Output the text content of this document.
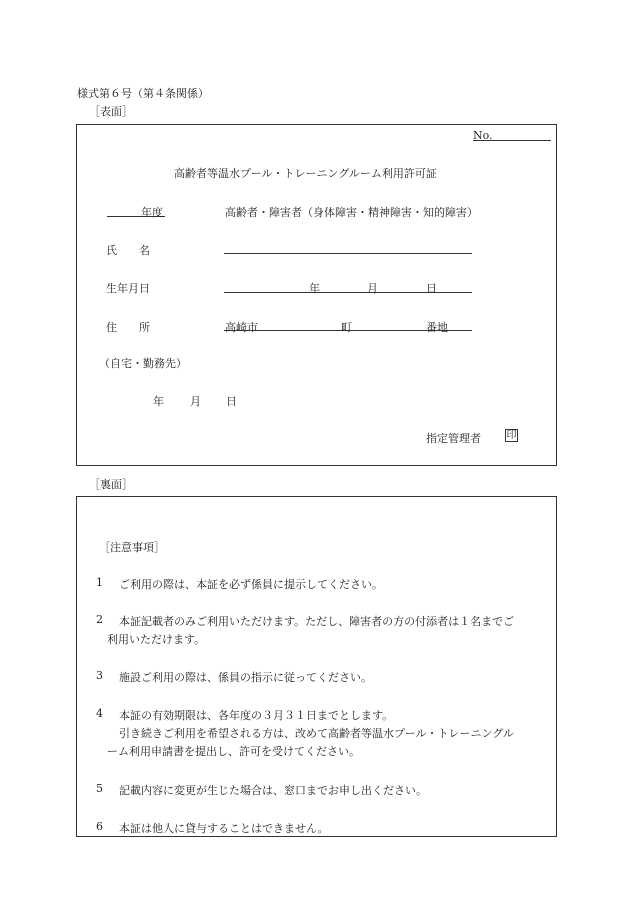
様式第６号（第４条関係）
［表面］
No.
高齢者等温水プール・トレーニングルーム利用許可証
年度	高齢者・障害者（身体障害・精神障害・知的障害）
氏　　名
生年月日	年	月	日
住　　所	高崎市	町	番地
（自宅・勤務先）
年 月 日
指定管理者	印
［裏面］
［注意事項］
1 ご利用の際は、本証を必ず係員に提示してください。
2 本証記載者のみご利用いただけます。ただし、障害者の方の付添者は１名までご
利用いただけます。
3 施設ご利用の際は、係員の指示に従ってください。
4 本証の有効期限は、各年度の３月３１日までとします。
引き続きご利用を希望される方は、改めて高齢者等温水プール・トレーニングル
ーム利用申請書を提出し、許可を受けてください。
5 記載内容に変更が生じた場合は、窓口までお申し出ください。
6 本証は他人に貸与することはできません。
